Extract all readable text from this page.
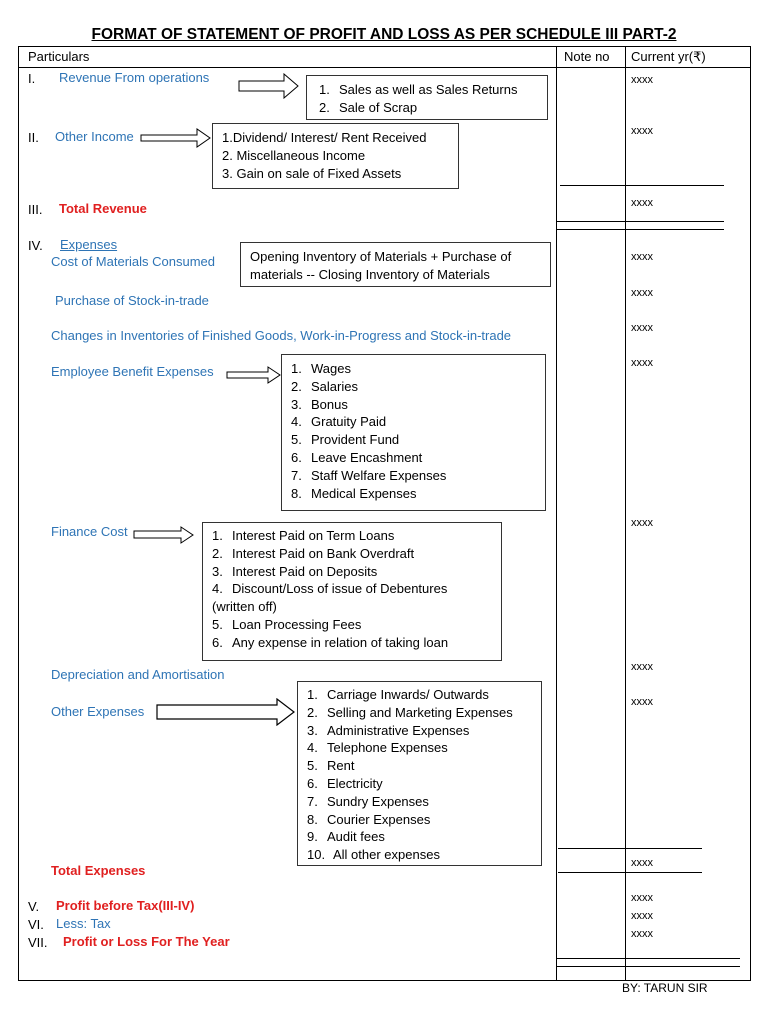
FORMAT OF STATEMENT OF PROFIT AND LOSS AS PER SCHEDULE III PART-2
Particulars	Note no Current yr(₹)
I. Revenue From operations
1. Sales as well as Sales Returns
2. Sale of Scrap
xxxx
II. Other Income	1.Dividend/ Interest/ Rent Received
2. Miscellaneous Income
3. Gain on sale of Fixed Assets
xxxx
III. Total Revenue	xxxx
IV. Expenses
Cost of Materials Consumed	Opening Inventory of Materials + Purchase of
materials -- Closing Inventory of Materials
xxxx
Purchase of Stock-in-trade	xxxx
Changes in Inventories of Finished Goods, Work-in-Progress and Stock-in-trade	xxxx
Employee Benefit Expenses	1. Wages
2. Salaries
3. Bonus
4. Gratuity Paid
5. Provident Fund
6. Leave Encashment
7. Staff Welfare Expenses
8. Medical Expenses
xxxx
Finance Cost	1. Interest Paid on Term Loans
2. Interest Paid on Bank Overdraft
3. Interest Paid on Deposits
4. Discount/Loss of issue of Debentures
(written off)
5. Loan Processing Fees
6. Any expense in relation of taking loan
xxxx
Depreciation and Amortisation	xxxx
Other Expenses
1. Carriage Inwards/ Outwards
2. Selling and Marketing Expenses
3. Administrative Expenses
4. Telephone Expenses
5. Rent
6. Electricity
7. Sundry Expenses
8. Courier Expenses
9. Audit fees
10. All other expenses
xxxx
Total Expenses	xxxx
V. Profit before Tax(III-IV)	xxxx
VI. Less: Tax	xxxx
VII. Profit or Loss For The Year	xxxx
BY: TARUN SIR
